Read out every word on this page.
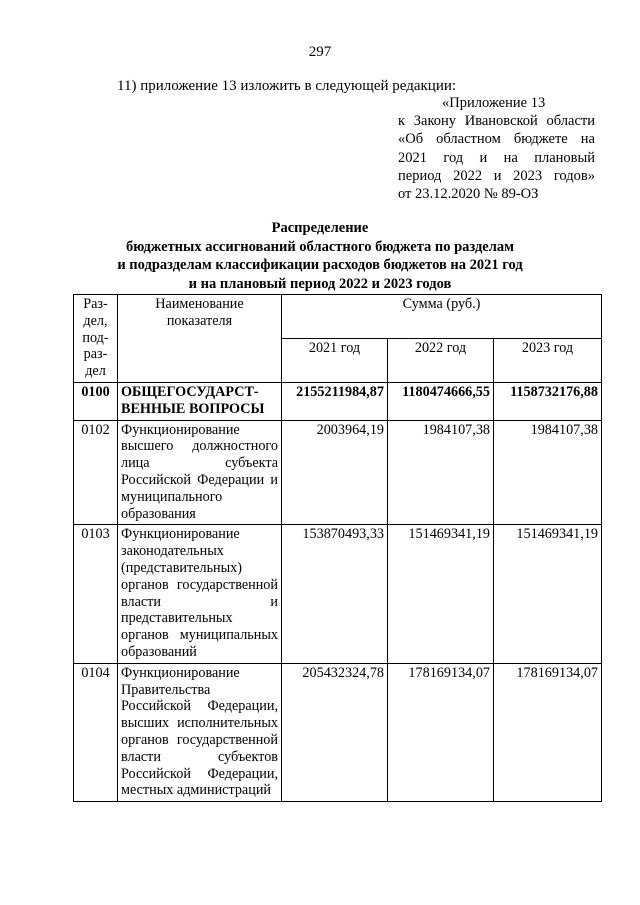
297
11) приложение 13 изложить в следующей редакции:
«Приложение 13
к Закону Ивановской области
«Об областном бюджете на
2021 год и на плановый
период 2022 и 2023 годов»
от 23.12.2020 № 89-ОЗ
Распределение
бюджетных ассигнований областного бюджета по разделам
и подразделам классификации расходов бюджетов на 2021 год
и на плановый период 2022 и 2023 годов
Раз-дел, под-раз-дел	Наименование показателя	Сумма (руб.)		
		2021 год	2022 год	2023 год
0100	ОБЩЕГОСУДАРСТ-ВЕННЫЕ ВОПРОСЫ	2155211984,87	1180474666,55	1158732176,88
0102	Функционирование высшего должностного лица субъекта Российской Федерации и муниципального образования	2003964,19	1984107,38	1984107,38
0103	Функционирование законодательных (представительных) органов государственной власти и представительных органов муниципальных образований	153870493,33	151469341,19	151469341,19
0104	Функционирование Правительства Российской Федерации, высших исполнительных органов государственной власти субъектов Российской Федерации, местных администраций	205432324,78	178169134,07	178169134,07
